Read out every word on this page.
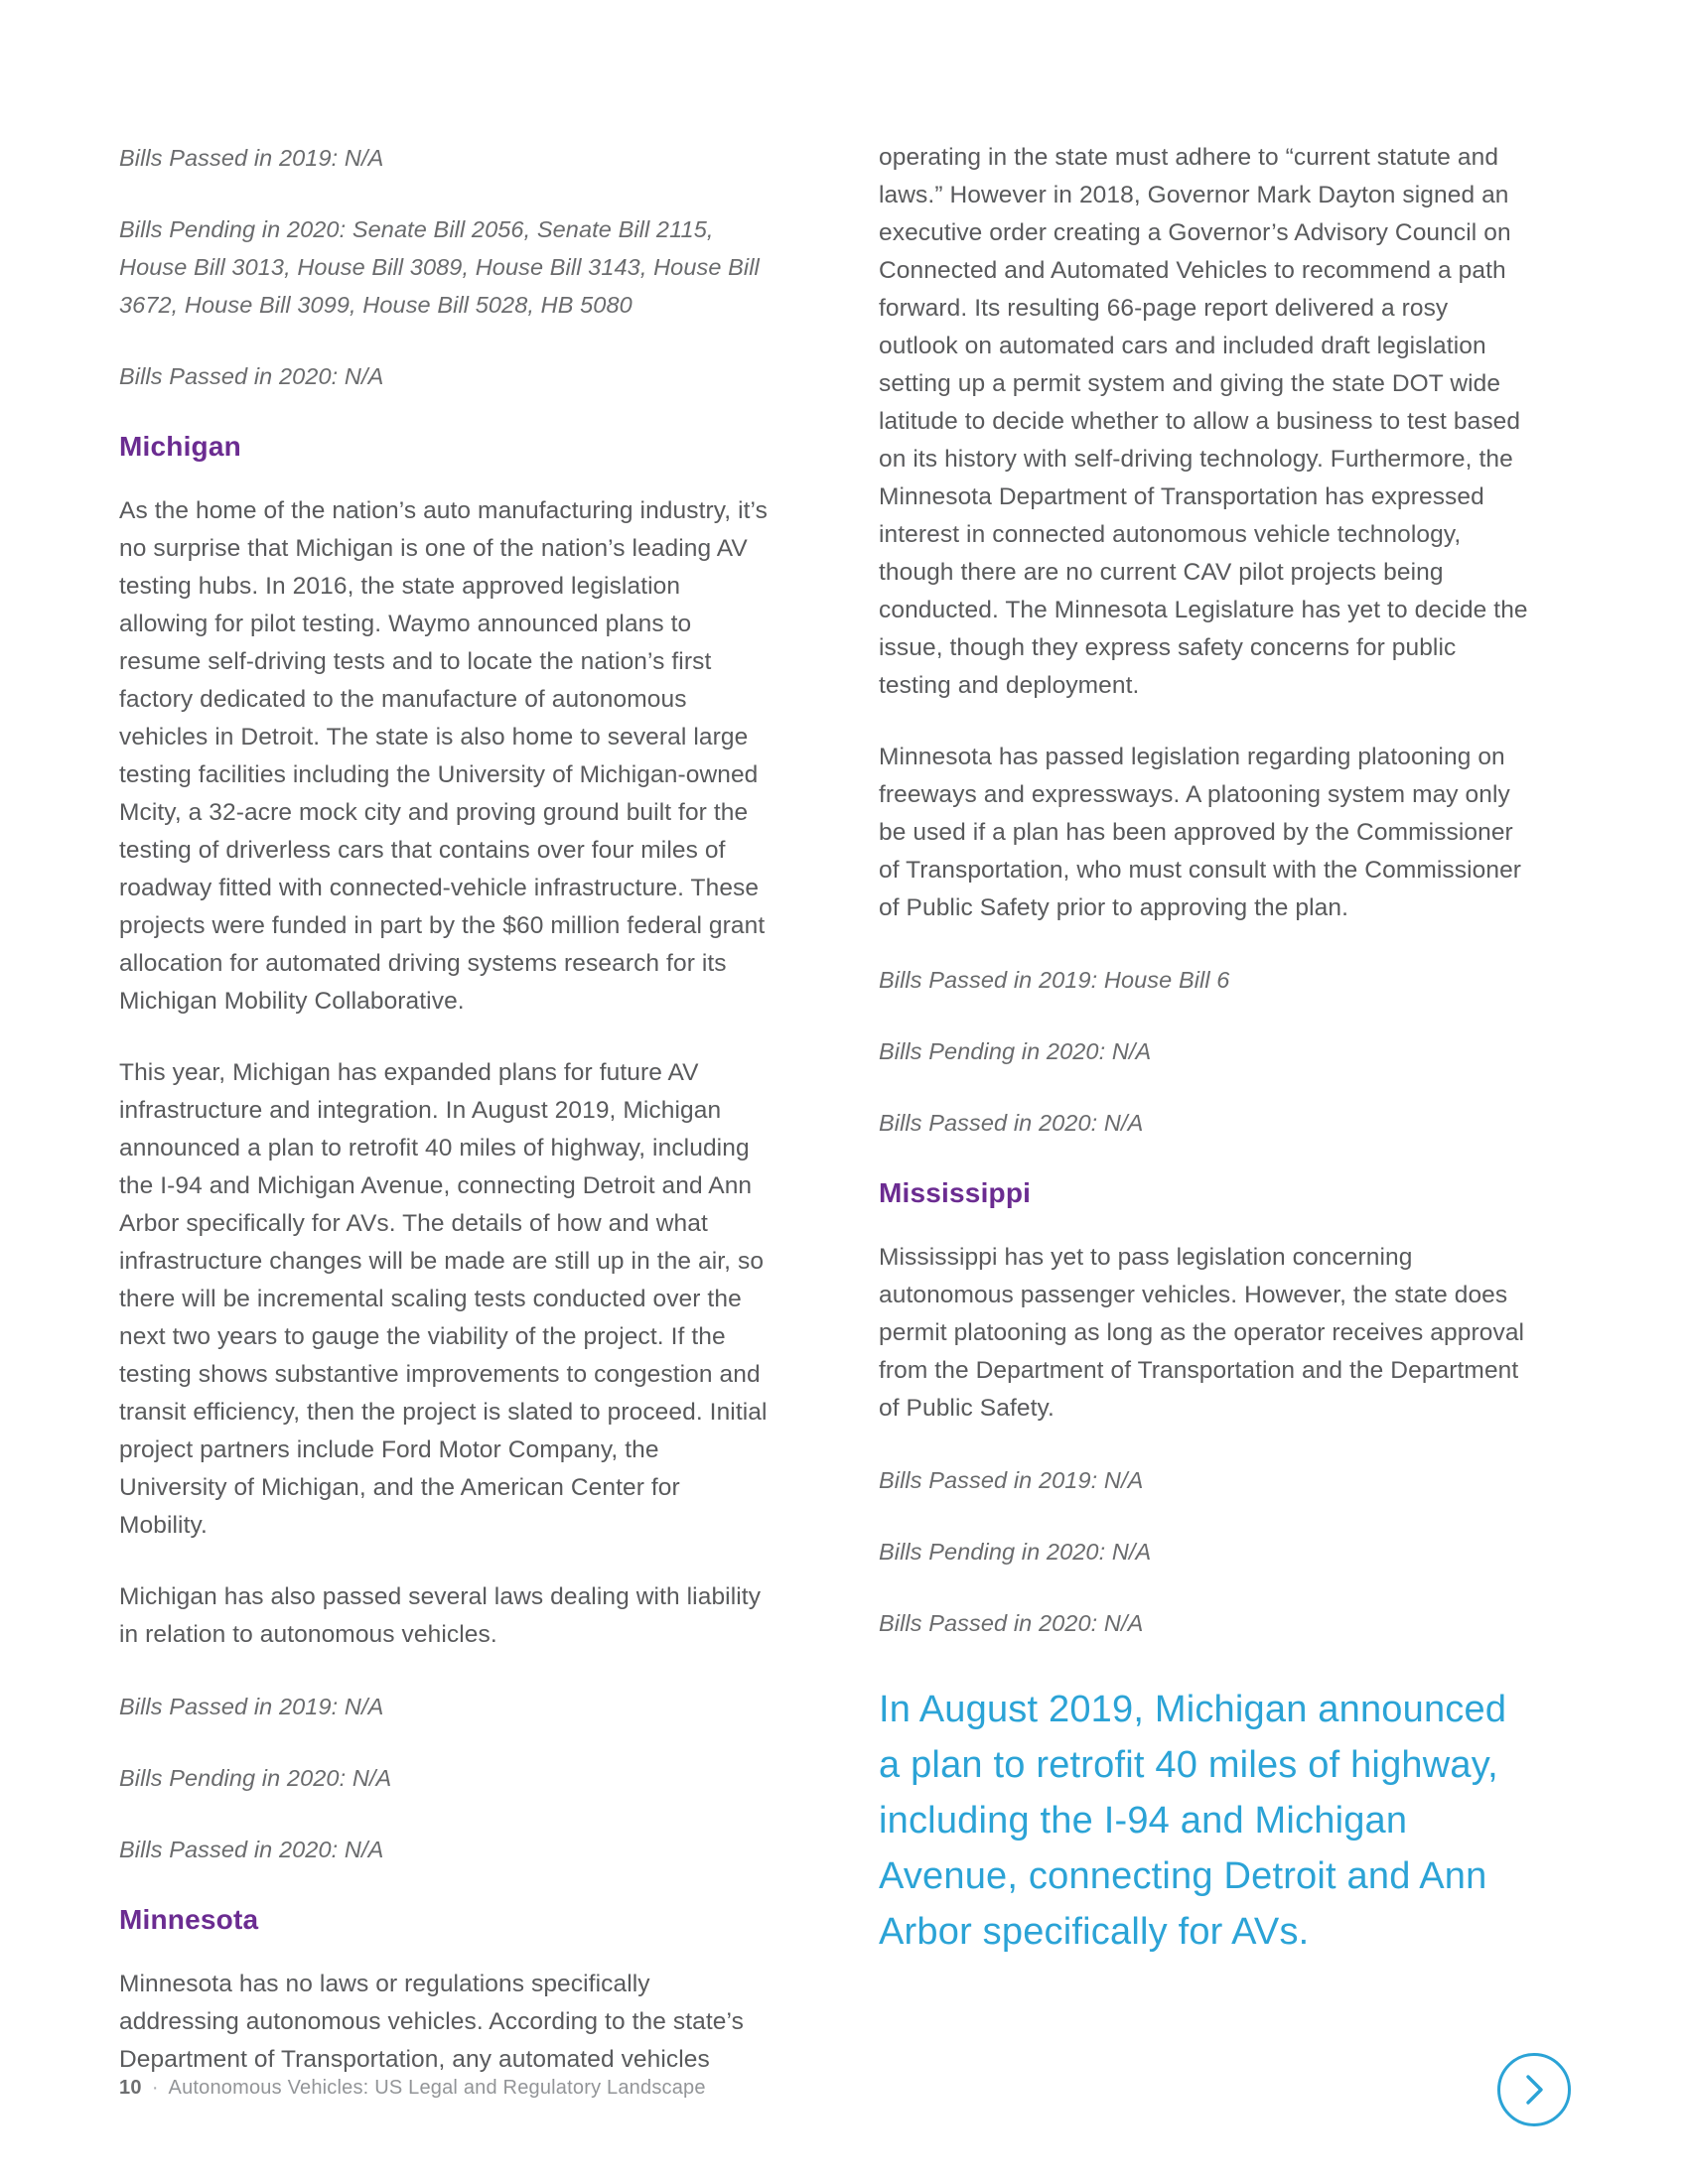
Bills Passed in 2019: N/A

Bills Pending in 2020: Senate Bill 2056, Senate Bill 2115, House Bill 3013, House Bill 3089, House Bill 3143, House Bill 3672, House Bill 3099, House Bill 5028, HB 5080

Bills Passed in 2020: N/A

Michigan

As the home of the nation’s auto manufacturing industry, it’s no surprise that Michigan is one of the nation’s leading AV testing hubs. In 2016, the state approved legislation allowing for pilot testing. Waymo announced plans to resume self-driving tests and to locate the nation’s first factory dedicated to the manufacture of autonomous vehicles in Detroit. The state is also home to several large testing facilities including the University of Michigan-owned Mcity, a 32-acre mock city and proving ground built for the testing of driverless cars that contains over four miles of roadway fitted with connected-vehicle infrastructure. These projects were funded in part by the $60 million federal grant allocation for automated driving systems research for its Michigan Mobility Collaborative.

This year, Michigan has expanded plans for future AV infrastructure and integration. In August 2019, Michigan announced a plan to retrofit 40 miles of highway, including the I-94 and Michigan Avenue, connecting Detroit and Ann Arbor specifically for AVs. The details of how and what infrastructure changes will be made are still up in the air, so there will be incremental scaling tests conducted over the next two years to gauge the viability of the project. If the testing shows substantive improvements to congestion and transit efficiency, then the project is slated to proceed. Initial project partners include Ford Motor Company, the University of Michigan, and the American Center for Mobility.

Michigan has also passed several laws dealing with liability in relation to autonomous vehicles.

Bills Passed in 2019: N/A

Bills Pending in 2020: N/A

Bills Passed in 2020: N/A

Minnesota

Minnesota has no laws or regulations specifically addressing autonomous vehicles. According to the state’s Department of Transportation, any automated vehicles

operating in the state must adhere to “current statute and laws.” However in 2018, Governor Mark Dayton signed an executive order creating a Governor’s Advisory Council on Connected and Automated Vehicles to recommend a path forward. Its resulting 66-page report delivered a rosy outlook on automated cars and included draft legislation setting up a permit system and giving the state DOT wide latitude to decide whether to allow a business to test based on its history with self-driving technology. Furthermore, the Minnesota Department of Transportation has expressed interest in connected autonomous vehicle technology, though there are no current CAV pilot projects being conducted. The Minnesota Legislature has yet to decide the issue, though they express safety concerns for public testing and deployment.

Minnesota has passed legislation regarding platooning on freeways and expressways. A platooning system may only be used if a plan has been approved by the Commissioner of Transportation, who must consult with the Commissioner of Public Safety prior to approving the plan.

Bills Passed in 2019: House Bill 6

Bills Pending in 2020: N/A

Bills Passed in 2020: N/A

Mississippi

Mississippi has yet to pass legislation concerning autonomous passenger vehicles. However, the state does permit platooning as long as the operator receives approval from the Department of Transportation and the Department of Public Safety.

Bills Passed in 2019: N/A

Bills Pending in 2020: N/A

Bills Passed in 2020: N/A

In August 2019, Michigan announced a plan to retrofit 40 miles of highway, including the I-94 and Michigan Avenue, connecting Detroit and Ann Arbor specifically for AVs.

10 · Autonomous Vehicles: US Legal and Regulatory Landscape
